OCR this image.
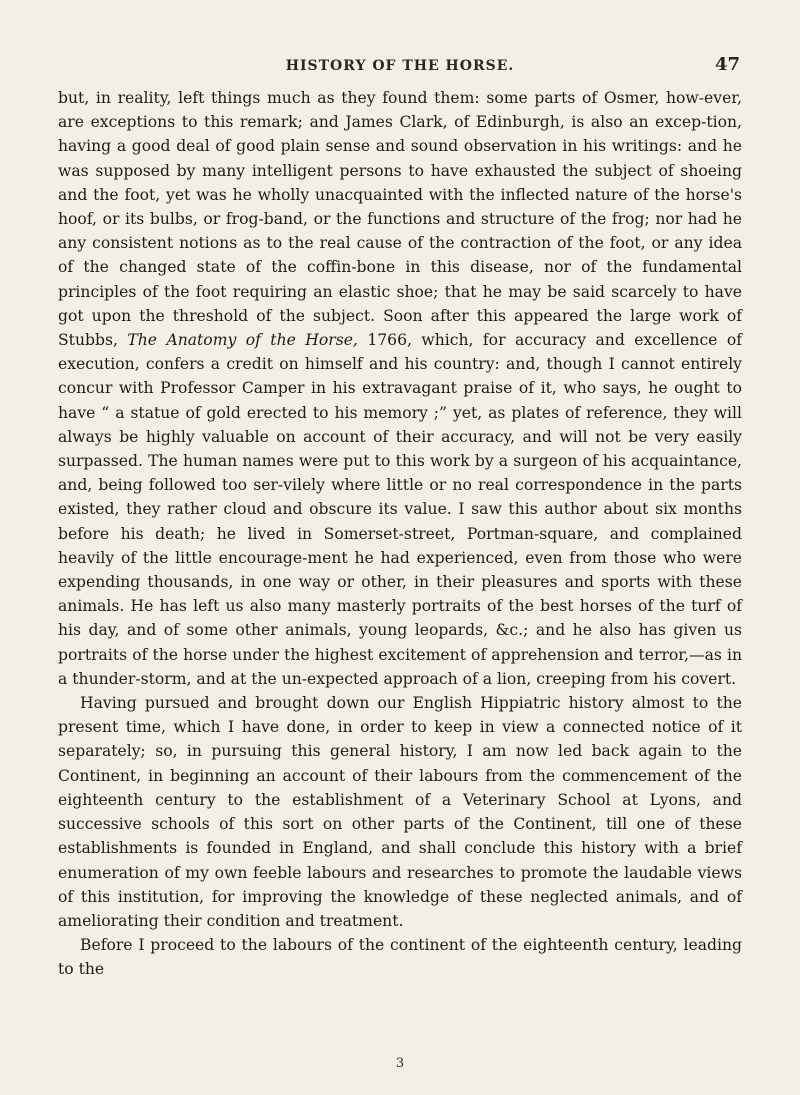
HISTORY OF THE HORSE.	47

but, in reality, left things much as they found them: some parts of Osmer, how-ever, are exceptions to this remark; and James Clark, of Edinburgh, is also an excep-tion, having a good deal of good plain sense and sound observation in his writings: and he was supposed by many intelligent persons to have exhausted the subject of shoeing and the foot, yet was he wholly unacquainted with the inflected nature of the horse's hoof, or its bulbs, or frog-band, or the functions and structure of the frog; nor had he any consistent notions as to the real cause of the contraction of the foot, or any idea of the changed state of the coffin-bone in this disease, nor of the fundamental principles of the foot requiring an elastic shoe; that he may be said scarcely to have got upon the threshold of the subject. Soon after this appeared the large work of Stubbs, The Anatomy of the Horse, 1766, which, for accuracy and excellence of execution, confers a credit on himself and his country: and, though I cannot entirely concur with Professor Camper in his extravagant praise of it, who says, he ought to have “ a statue of gold erected to his memory ;” yet, as plates of reference, they will always be highly valuable on account of their accuracy, and will not be very easily surpassed. The human names were put to this work by a surgeon of his acquaintance, and, being followed too ser-vilely where little or no real correspondence in the parts existed, they rather cloud and obscure its value. I saw this author about six months before his death; he lived in Somerset-street, Portman-square, and complained heavily of the little encourage-ment he had experienced, even from those who were expending thousands, in one way or other, in their pleasures and sports with these animals. He has left us also many masterly portraits of the best horses of the turf of his day, and of some other animals, young leopards, &c.; and he also has given us portraits of the horse under the highest excitement of apprehension and terror,—as in a thunder-storm, and at the un-expected approach of a lion, creeping from his covert.

Having pursued and brought down our English Hippiatric history almost to the present time, which I have done, in order to keep in view a connected notice of it separately; so, in pursuing this general history, I am now led back again to the Continent, in beginning an account of their labours from the commencement of the eighteenth century to the establishment of a Veterinary School at Lyons, and successive schools of this sort on other parts of the Continent, till one of these establishments is founded in England, and shall conclude this history with a brief enumeration of my own feeble labours and researches to promote the laudable views of this institution, for improving the knowledge of these neglected animals, and of ameliorating their condition and treatment.

Before I proceed to the labours of the continent of the eighteenth century, leading to the

3
